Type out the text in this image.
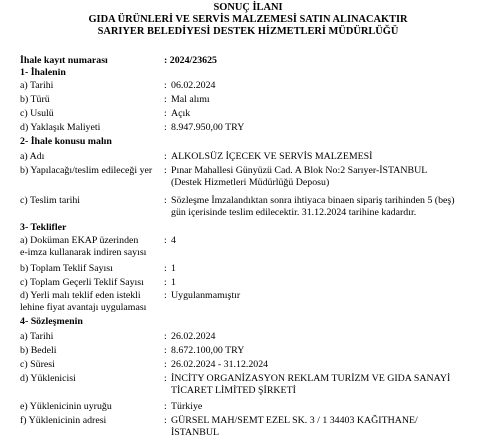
SONUÇ İLANI
GIDA ÜRÜNLERİ VE SERVİS MALZEMESİ SATIN ALINACAKTIR
SARIYER BELEDİYESİ DESTEK HİZMETLERİ MÜDÜRLÜĞÜ
İhale kayıt numarası	: 2024/23625
1- İhalenin
a) Tarihi	: 06.02.2024
b) Türü	: Mal alımı
c) Usulü	: Açık
d) Yaklaşık Maliyeti	: 8.947.950,00 TRY
2- İhale konusu malın
a) Adı	: ALKOLSÜZ İÇECEK VE SERVİS MALZEMESİ
b) Yapılacağı/teslim edileceği yer : Pınar Mahallesi Günyüzü Cad. A Blok No:2 Sarıyer-İSTANBUL
(Destek Hizmetleri Müdürlüğü Deposu)
c) Teslim tarihi	: Sözleşme İmzalandıktan sonra ihtiyaca binaen sipariş tarihinden 5 (beş)
gün içerisinde teslim edilecektir. 31.12.2024 tarihine kadardır.
3- Teklifler
a) Doküman EKAP üzerinden
e-imza kullanarak indiren sayısı
: 4
b) Toplam Teklif Sayısı	: 1
c) Toplam Geçerli Teklif Sayısı : 1
d) Yerli malı teklif eden istekli
lehine fiyat avantajı uygulaması
: Uygulanmamıştır
4- Sözleşmenin
a) Tarihi	: 26.02.2024
b) Bedeli	: 8.672.100,00 TRY
c) Süresi	: 26.02.2024 - 31.12.2024
d) Yüklenicisi	: İNCİTY ORGANİZASYON REKLAM TURİZM VE GIDA SANAYİ
TİCARET LİMİTED ŞİRKETİ
e) Yüklenicinin uyruğu	: Türkiye
f) Yüklenicinin adresi	: GÜRSEL MAH/SEMT EZEL SK. 3 / 1 34403 KAĞITHANE/
İSTANBUL
